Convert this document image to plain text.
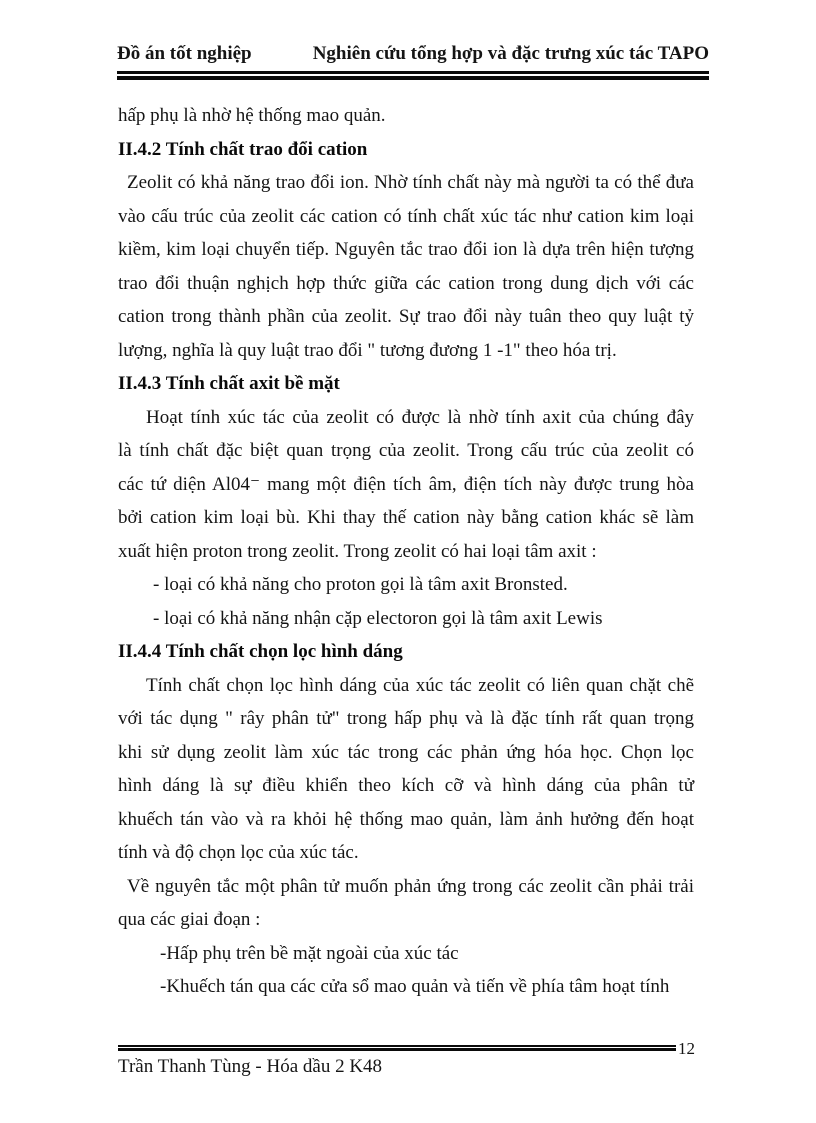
Đồ án tốt nghiệp	Nghiên cứu tổng hợp và đặc trưng xúc tác TAPO
hấp phụ là nhờ hệ thống mao quản.
II.4.2 Tính chất trao đổi cation
Zeolit có khả năng trao đổi ion. Nhờ tính chất này mà người ta có thể đưa
vào cấu trúc của zeolit các cation có tính chất xúc tác như cation kim loại
kiềm, kim loại chuyển tiếp. Nguyên tắc trao đổi ion là dựa trên hiện tượng
trao đổi thuận nghịch hợp thức giữa các cation trong dung dịch với các
cation trong thành phần của zeolit. Sự trao đổi này tuân theo quy luật tỷ
lượng, nghĩa là quy luật trao đổi " tương đương 1 -1" theo hóa trị.
II.4.3 Tính chất axit bề mặt
Hoạt tính xúc tác của zeolit có được là nhờ tính axit của chúng đây
là tính chất đặc biệt quan trọng của zeolit. Trong cấu trúc của zeolit có
các tứ diện Al04⁻ mang một điện tích âm, điện tích này được trung hòa
bởi cation kim loại bù. Khi thay thế cation này bằng cation khác sẽ làm
xuất hiện proton trong zeolit. Trong zeolit có hai loại tâm axit :
- loại có khả năng cho proton gọi là tâm axit Bronsted.
- loại có khả năng nhận cặp electoron gọi là tâm axit Lewis
II.4.4 Tính chất chọn lọc hình dáng
Tính chất chọn lọc hình dáng của xúc tác zeolit có liên quan chặt chẽ
với tác dụng " rây phân tử" trong hấp phụ và là đặc tính rất quan trọng
khi sử dụng zeolit làm xúc tác trong các phản ứng hóa học. Chọn lọc
hình dáng là sự điều khiển theo kích cỡ và hình dáng của phân tử
khuếch tán vào và ra khỏi hệ thống mao quản, làm ảnh hưởng đến hoạt
tính và độ chọn lọc của xúc tác.
Về nguyên tắc một phân tử muốn phản ứng trong các zeolit cần phải trải
qua các giai đoạn :
-Hấp phụ trên bề mặt ngoài của xúc tác
-Khuếch tán qua các cửa sổ mao quản và tiến về phía tâm hoạt tính
12
Trần Thanh Tùng - Hóa dầu 2 K48
